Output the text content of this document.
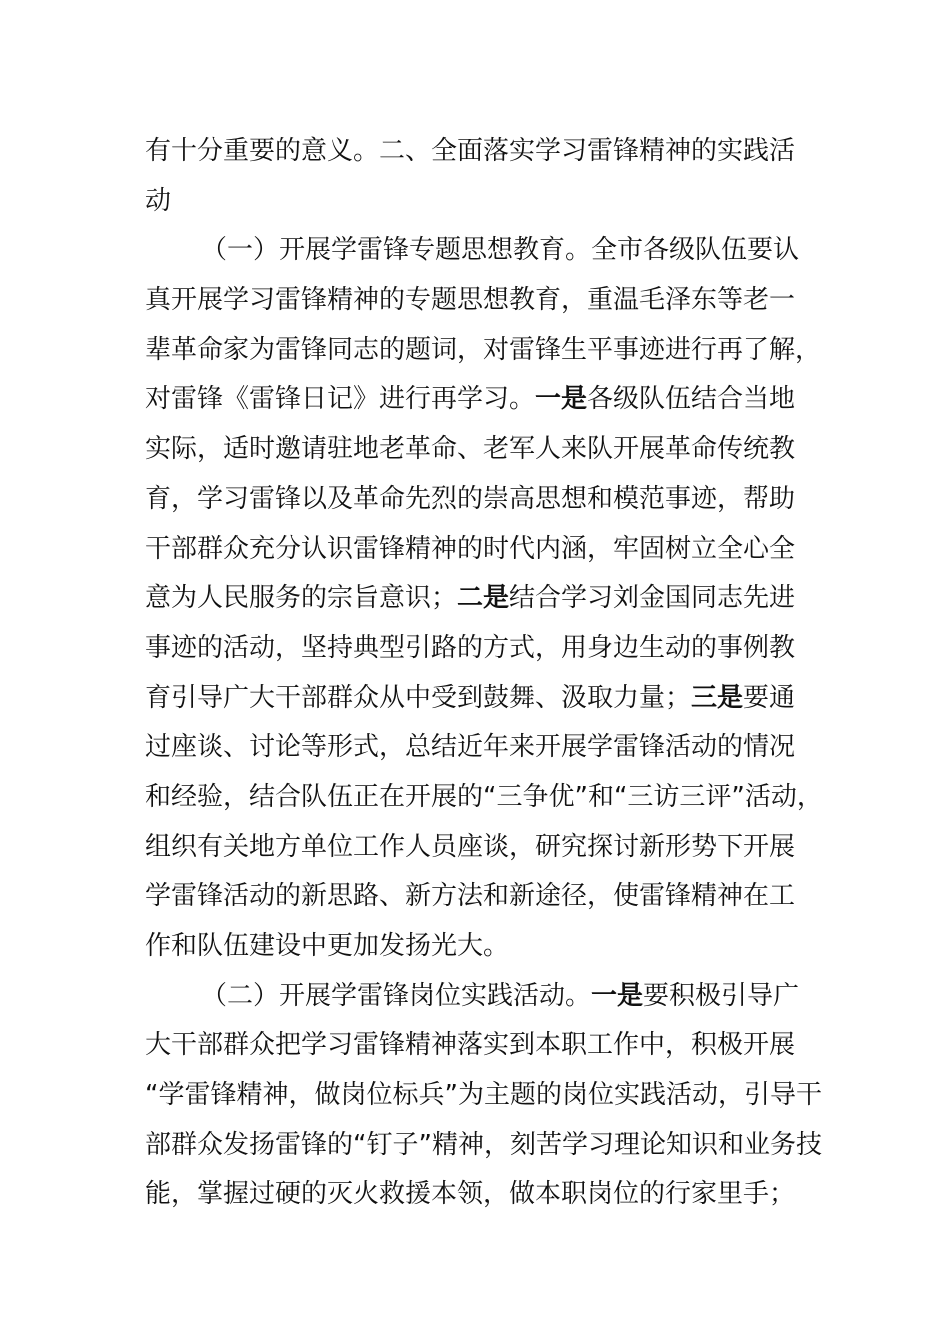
有十分重要的意义。二、全面落实学习雷锋精神的实践活
动
（一）开展学雷锋专题思想教育。全市各级队伍要认
真开展学习雷锋精神的专题思想教育，重温毛泽东等老一
辈革命家为雷锋同志的题词，对雷锋生平事迹进行再了解，
对雷锋《雷锋日记》进行再学习。一是各级队伍结合当地
实际，适时邀请驻地老革命、老军人来队开展革命传统教
育，学习雷锋以及革命先烈的崇高思想和模范事迹，帮助
干部群众充分认识雷锋精神的时代内涵，牢固树立全心全
意为人民服务的宗旨意识；二是结合学习刘金国同志先进
事迹的活动，坚持典型引路的方式，用身边生动的事例教
育引导广大干部群众从中受到鼓舞、汲取力量；三是要通
过座谈、讨论等形式，总结近年来开展学雷锋活动的情况
和经验，结合队伍正在开展的“三争优”和“三访三评”活动，
组织有关地方单位工作人员座谈，研究探讨新形势下开展
学雷锋活动的新思路、新方法和新途径，使雷锋精神在工
作和队伍建设中更加发扬光大。
（二）开展学雷锋岗位实践活动。一是要积极引导广
大干部群众把学习雷锋精神落实到本职工作中，积极开展
“学雷锋精神，做岗位标兵”为主题的岗位实践活动，引导干
部群众发扬雷锋的“钉子”精神，刻苦学习理论知识和业务技
能，掌握过硬的灭火救援本领，做本职岗位的行家里手；
